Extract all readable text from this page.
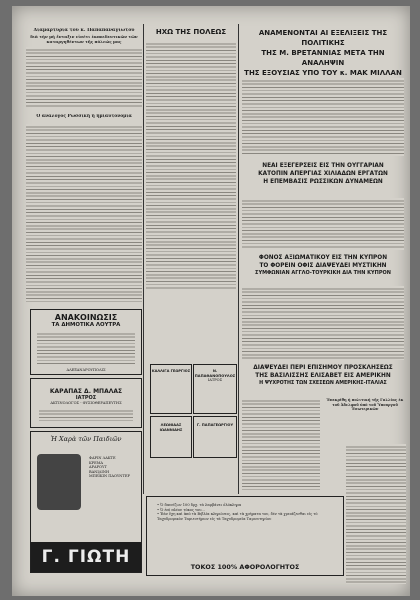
Διαμαρτυρία τοῦ κ. Παπαπαναγιώτου
διὰ τὴν μὴ ἔνταξιν εἰσέτι ἐκπαιδευτικῶν τῶν καταργηθέντων τῆς πόλεώς μας
Ὁ ἀνάλογος Ρωσσικὴ ἡ ἡμιαυτονομία
ΑΝΑΚΟΙΝΩΣΙΣ
ΤΑ ΔΗΜΟΤΙΚΑ ΛΟΥΤΡΑ
ΑΛΕΞΑΝΔΡΟΥΠΟΛΙΣ
ΚΑΡΑΠΑΣ Δ. ΜΠΑΛΑΣ
ΙΑΤΡΟΣ
ΑΚΤΙΝΟΛΟΓΟΣ - ΦΥΣΙΟΘΕΡΑΠΕΥΤΗΣ
Ἡ Χαρὰ τῶν Παιδιῶν
ΦΑΡΙΝ ΛΑΚΤΕ
ΚΡΕΜΑ
ΑΡΑΡΟΥΤ
ΒΑΝΙΛΙΝΗ
ΜΠΕΪΚΙΝ ΠΑΟΥΝΤΕΡ
Γ. ΓΙΩΤΗ
ΗΧΩ ΤΗΣ ΠΟΛΕΩΣ
ΚΑΛΛΙΓΑ ΓΕΩΡΓΙΟΣ	Ν. ΠΑΠΑΘΑΝΟΠΟΥΛΟΣ
ΙΑΤΡΟΣ
ΛΕΩΝΙΔΑΣ ΙΩΑΝΝΙΔΗΣ
Γ. ΠΑΠΑΓΕΩΡΓΙΟΥ
• Ὁ δανείζων 100 δρχ. τὰ λαμβάνει ὁλόκληρα
• Ὁ ἐπὶ πλέον τόκος του...
• Ἐὰν ἔχη καὶ ἀπὸ τὰ Βιβλία κληρώσεις, καὶ τὰ χρήματα του, δέν τὰ χρειάζεσθαι εἰς τὸ Ταχυδρομικὸν Ταμιευτήριον εἰς τὰ Ταχυδρομεῖα Ταμιευτηρίου
ΤΟΚΟΣ 100% ΑΦΟΡΟΛΟΓΗΤΟΣ
ΑΝΑΜΕΝΟΝΤΑΙ ΑΙ ΕΞΕΛΙΞΕΙΣ ΤΗΣ ΠΟΛΙΤΙΚΗΣ
ΤΗΣ Μ. ΒΡΕΤΑΝΝΙΑΣ ΜΕΤΑ ΤΗΝ ΑΝΑΛΗΨΙΝ
ΤΗΣ ΕΞΟΥΣΙΑΣ ΥΠΟ ΤΟΥ κ. ΜΑΚ ΜΙΛΛΑΝ
ΝΕΑΙ ΕΞΕΓΕΡΣΕΙΣ ΕΙΣ ΤΗΝ ΟΥΓΓΑΡΙΑΝ
ΚΑΤΟΠΙΝ ΑΠΕΡΓΙΑΣ ΧΙΛΙΑΔΩΝ ΕΡΓΑΤΩΝ
Η ΕΠΕΜΒΑΣΙΣ ΡΩΣΣΙΚΩΝ ΔΥΝΑΜΕΩΝ
ΦΟΝΟΣ ΑΞΙΩΜΑΤΙΚΟΥ ΕΙΣ ΤΗΝ ΚΥΠΡΟΝ
ΤΟ ΦΟΡΕΙΝ ΟΦΙΣ ΔΙΑΨΕΥΔΕΙ ΜΥΣΤΙΚΗΝ
ΣΥΜΦΩΝΙΑΝ ΑΓΓΛΟ-ΤΟΥΡΚΙΚΗ ΔΙΑ ΤΗΝ ΚΥΠΡΟΝ
ΔΙΑΨΕΥΔΕΙ ΠΕΡΙ ΕΠΙΣΗΜΟΥ ΠΡΟΣΚΛΗΣΕΩΣ
ΤΗΣ ΒΑΣΙΛΙΣΣΗΣ ΕΛΙΣΑΒΕΤ ΕΙΣ ΑΜΕΡΙΚΗΝ
Η ΨΥΧΡΟΤΗΣ ΤΩΝ ΣΧΕΣΕΩΝ ΑΜΕΡΙΚΗΣ-ΙΤΑΛΙΑΣ
Ἐπεκρίθη ἡ πολιτική τῆς Γαλλίας ἐκ τοῦ Ἀδελφοῦ ὑπὸ τοῦ Ὑπουργοῦ Ἐσωτερικῶν
